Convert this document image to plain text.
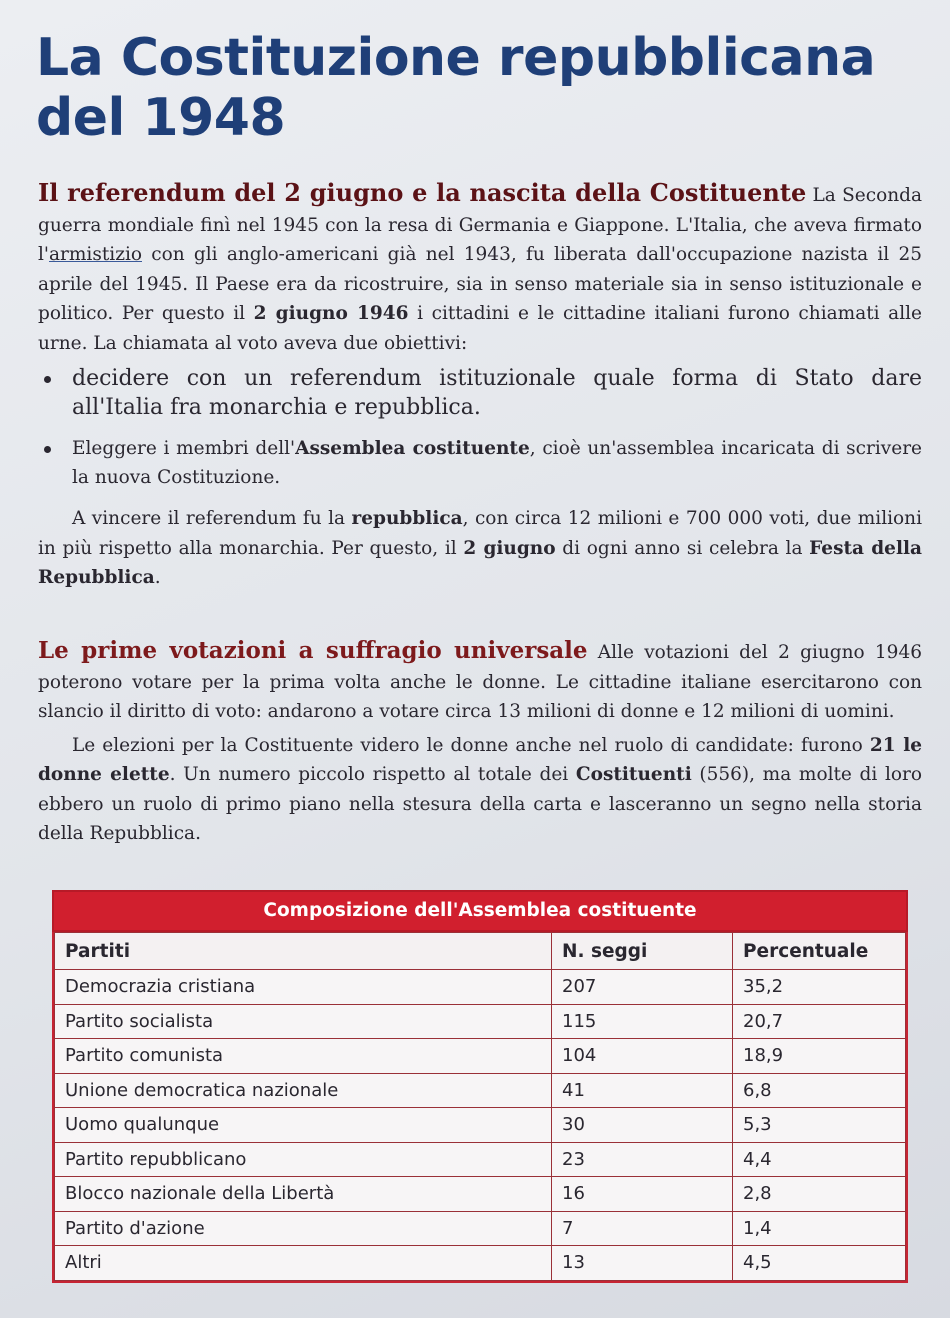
La Costituzione repubblicana del 1948

Il referendum del 2 giugno e la nascita della Costituente La Seconda guerra mondiale finì nel 1945 con la resa di Germania e Giappone. L'Italia, che aveva firmato l'armistizio con gli anglo-americani già nel 1943, fu liberata dall'occupazione nazista il 25 aprile del 1945. Il Paese era da ricostruire, sia in senso materiale sia in senso istituzionale e politico. Per questo il 2 giugno 1946 i cittadini e le cittadine italiani furono chiamati alle urne. La chiamata al voto aveva due obiettivi:

decidere con un referendum istituzionale quale forma di Stato dare all'Italia fra monarchia e repubblica.
Eleggere i membri dell'Assemblea costituente, cioè un'assemblea incaricata di scrivere la nuova Costituzione.

A vincere il referendum fu la repubblica, con circa 12 milioni e 700 000 voti, due milioni in più rispetto alla monarchia. Per questo, il 2 giugno di ogni anno si celebra la Festa della Repubblica.

Le prime votazioni a suffragio universale Alle votazioni del 2 giugno 1946 poterono votare per la prima volta anche le donne. Le cittadine italiane esercitarono con slancio il diritto di voto: andarono a votare circa 13 milioni di donne e 12 milioni di uomini.

Le elezioni per la Costituente videro le donne anche nel ruolo di candidate: furono 21 le donne elette. Un numero piccolo rispetto al totale dei Costituenti (556), ma molte di loro ebbero un ruolo di primo piano nella stesura della carta e lasceranno un segno nella storia della Repubblica.

Composizione dell'Assemblea costituente
Partiti	N. seggi	Percentuale
Democrazia cristiana	207	35,2
Partito socialista	115	20,7
Partito comunista	104	18,9
Unione democratica nazionale	41	6,8
Uomo qualunque	30	5,3
Partito repubblicano	23	4,4
Blocco nazionale della Libertà	16	2,8
Partito d'azione	7	1,4
Altri	13	4,5
